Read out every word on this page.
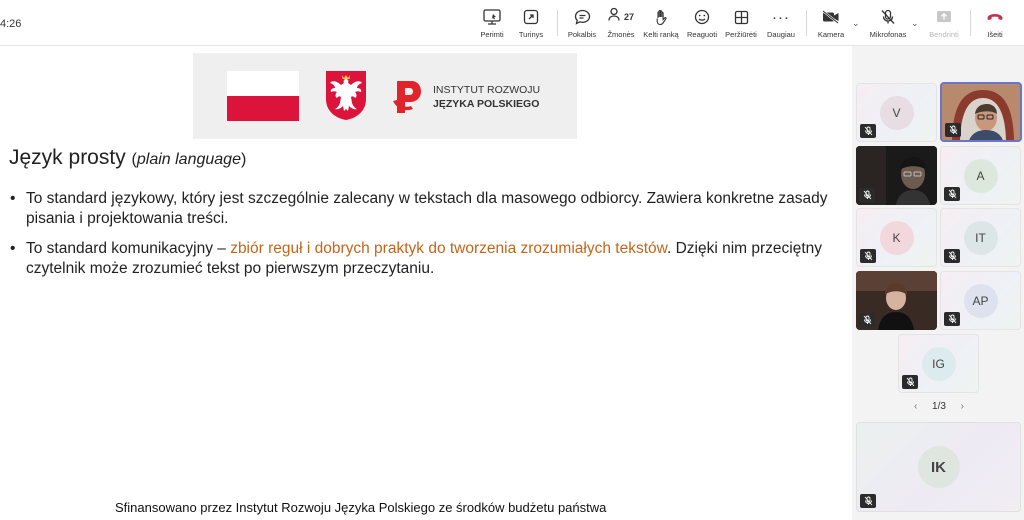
4:26
Perimti Turinys	Pokalbis
27
Žmonės Kelti ranką Reaguoti Peržiūrėti
···
Daugiau	Kamera
⌄
Mikrofonas
⌄
Bendrinti	Išeiti
INSTYTUT ROZWOJU
JĘZYKA POLSKIEGO
Język prosty (plain language)
• To standard językowy, który jest szczególnie zalecany w tekstach dla masowego odbiorcy. Zawiera konkretne zasady pisania i projektowania treści.
• To standard komunikacyjny – zbiór reguł i dobrych praktyk do tworzenia zrozumiałych tekstów. Dzięki nim przeciętny czytelnik może zrozumieć tekst po pierwszym przeczytaniu.
Sfinansowano przez Instytut Rozwoju Języka Polskiego ze środków budżetu państwa
V
A
K	IT
AP
IG
‹ 1/3 ›
IK
